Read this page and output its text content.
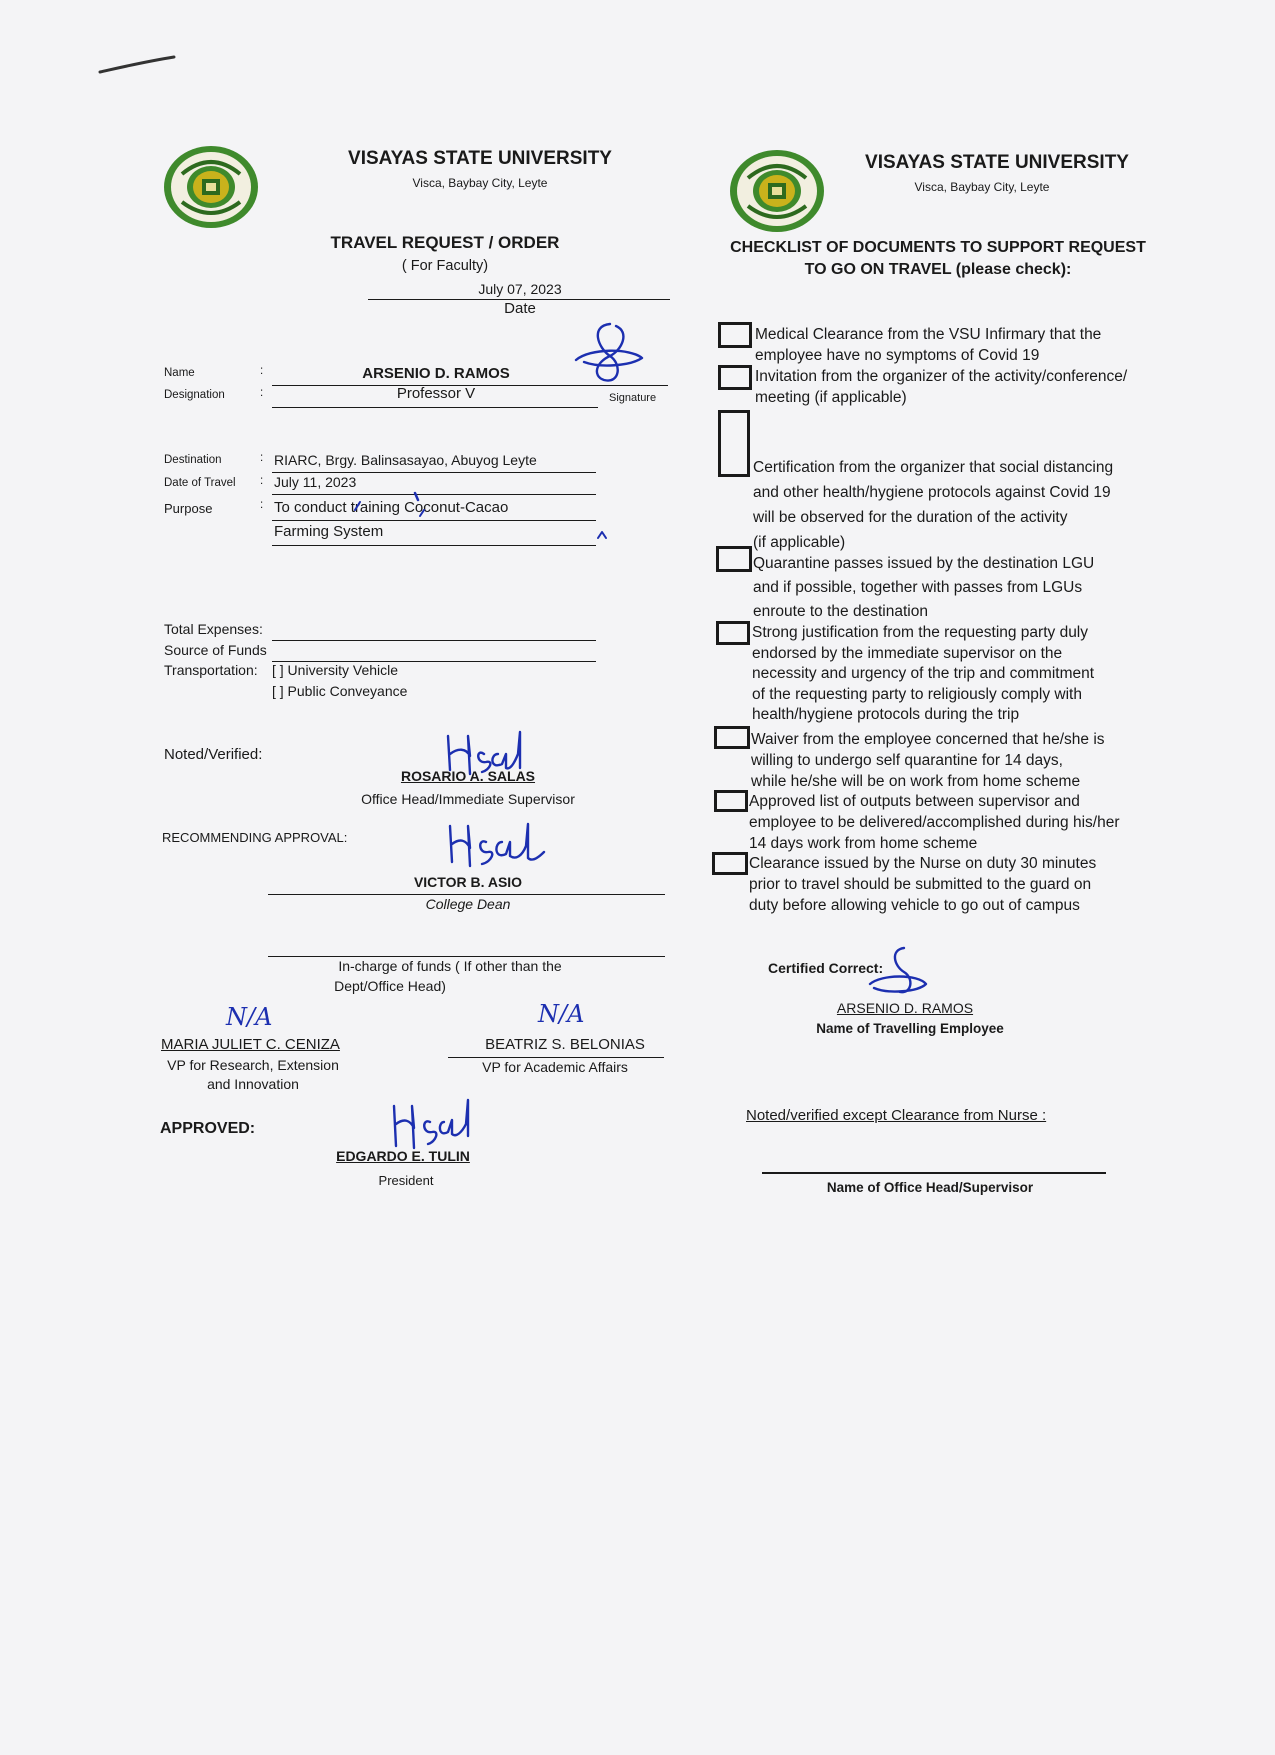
VISAYAS STATE UNIVERSITY
Visca, Baybay City, Leyte
TRAVEL REQUEST / ORDER
( For Faculty)
July 07, 2023
Date
Name	:	ARSENIO D. RAMOS
Designation	:	Professor V	Signature
Destination	: RIARC, Brgy. Balinsasayao, Abuyog Leyte
Date of Travel : July 11, 2023
Purpose	: To conduct training Coconut-Cacao
Farming System
Total Expenses:
Source of Funds
Transportation: [ ] University Vehicle
[ ] Public Conveyance
Noted/Verified:
ROSARIO A. SALAS
Office Head/Immediate Supervisor
RECOMMENDING APPROVAL:
VICTOR B. ASIO
College Dean
In-charge of funds ( If other than the
Dept/Office Head)
N/A
MARIA JULIET C. CENIZA
VP for Research, Extension
and Innovation
N/A
BEATRIZ S. BELONIAS
VP for Academic Affairs
APPROVED:
EDGARDO E. TULIN
President
VISAYAS STATE UNIVERSITY
Visca, Baybay City, Leyte
CHECKLIST OF DOCUMENTS TO SUPPORT REQUEST
TO GO ON TRAVEL (please check):
Medical Clearance from the VSU Infirmary that the
employee have no symptoms of Covid 19
Invitation from the organizer of the activity/conference/
meeting (if applicable)
Certification from the organizer that social distancing
and other health/hygiene protocols against Covid 19
will be observed for the duration of the activity
(if applicable)
Quarantine passes issued by the destination LGU
and if possible, together with passes from LGUs
enroute to the destination
Strong justification from the requesting party duly
endorsed by the immediate supervisor on the
necessity and urgency of the trip and commitment
of the requesting party to religiously comply with
health/hygiene protocols during the trip
Waiver from the employee concerned that he/she is
willing to undergo self quarantine for 14 days,
while he/she will be on work from home scheme
Approved list of outputs between supervisor and
employee to be delivered/accomplished during his/her
14 days work from home scheme
Clearance issued by the Nurse on duty 30 minutes
prior to travel should be submitted to the guard on
duty before allowing vehicle to go out of campus
Certified Correct:
ARSENIO D. RAMOS
Name of Travelling Employee
Noted/verified except Clearance from Nurse :
Name of Office Head/Supervisor
